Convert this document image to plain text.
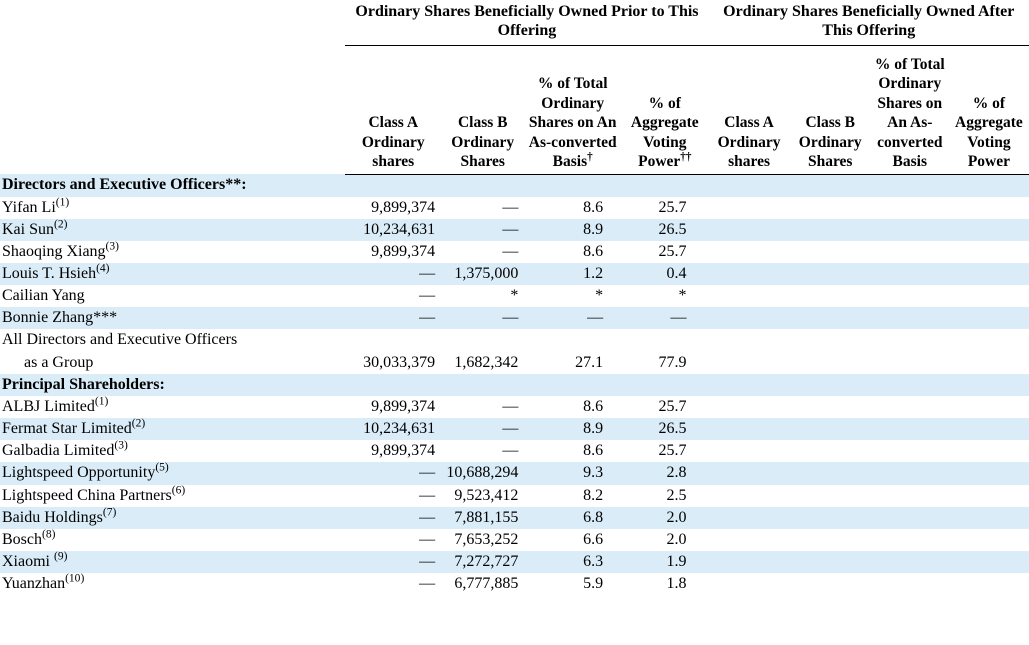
	Ordinary Shares Beneficially Owned Prior to This Offering				Ordinary Shares Beneficially Owned After This Offering			

	Class A Ordinary shares	Class B Ordinary Shares	% of Total Ordinary Shares on An As-converted Basis†	% of Aggregate Voting Power††	Class A Ordinary shares	Class B Ordinary Shares	% of Total Ordinary Shares on An As-converted Basis	% of Aggregate Voting Power
Directors and Executive Officers**:								
Yifan Li$^{(1)}$	9,899,374	—	8.6	25.7				
Kai Sun$^{(2)}$	10,234,631	—	8.9	26.5				
Shaoqing Xiang$^{(3)}$	9,899,374	—	8.6	25.7				
Louis T. Hsieh$^{(4)}$	—	1,375,000	1.2	0.4				
Cailian Yang	—	*	*	*				
Bonnie Zhang***	—	—	—	—				
All Directors and Executive Officers								
as a Group	30,033,379	1,682,342	27.1	77.9				
Principal Shareholders:								
ALBJ Limited$^{(1)}$	9,899,374	—	8.6	25.7				
Fermat Star Limited$^{(2)}$	10,234,631	—	8.9	26.5				
Galbadia Limited$^{(3)}$	9,899,374	—	8.6	25.7				
Lightspeed Opportunity$^{(5)}$	—	10,688,294	9.3	2.8				
Lightspeed China Partners$^{(6)}$	—	9,523,412	8.2	2.5				
Baidu Holdings$^{(7)}$	—	7,881,155	6.8	2.0				
Bosch$^{(8)}$	—	7,653,252	6.6	2.0				
Xiaomi $^{(9)}$	—	7,272,727	6.3	1.9				
Yuanzhan$^{(10)}$	—	6,777,885	5.9	1.8				
